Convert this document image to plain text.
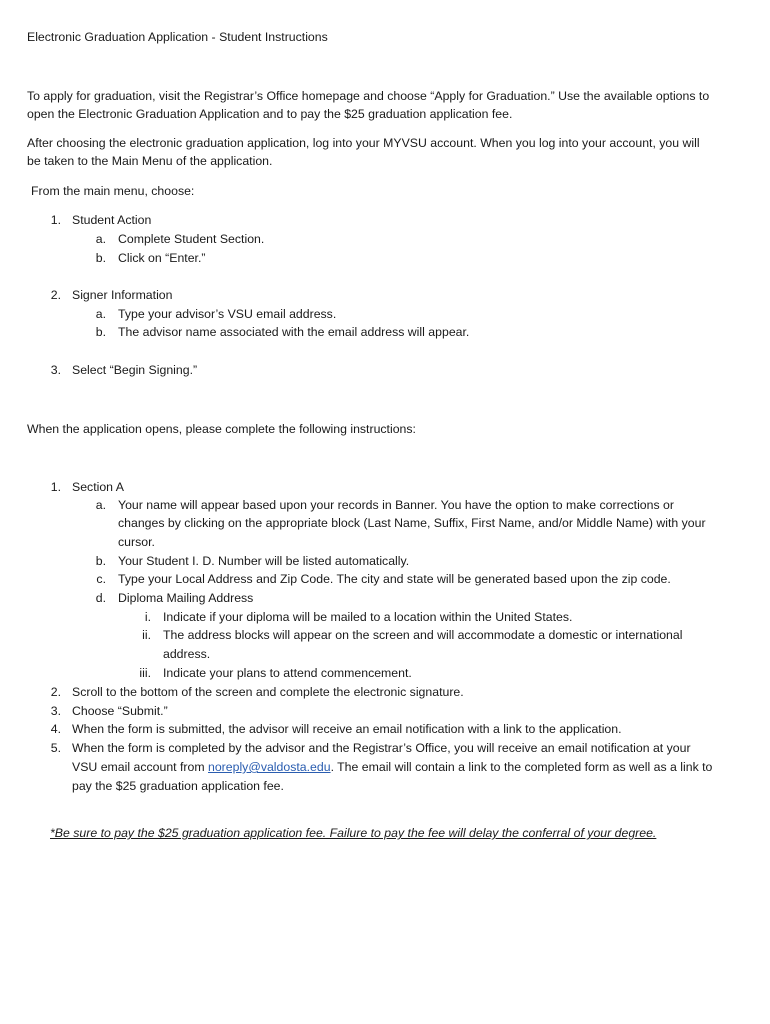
Electronic Graduation Application - Student Instructions
To apply for graduation, visit the Registrar’s Office homepage and choose “Apply for Graduation.” Use the available options to
open the Electronic Graduation Application and to pay the $25 graduation application fee.
After choosing the electronic graduation application, log into your MYVSU account. When you log into your account, you will
be taken to the Main Menu of the application.
From the main menu, choose:
1. Student Action
a. Complete Student Section.
b. Click on “Enter.”
2. Signer Information
a. Type your advisor’s VSU email address.
b. The advisor name associated with the email address will appear.
3. Select “Begin Signing.”
When the application opens, please complete the following instructions:
1. Section A
a. Your name will appear based upon your records in Banner. You have the option to make corrections or
changes by clicking on the appropriate block (Last Name, Suffix, First Name, and/or Middle Name) with your
cursor.
b. Your Student I. D. Number will be listed automatically.
c. Type your Local Address and Zip Code. The city and state will be generated based upon the zip code.
d. Diploma Mailing Address
i. Indicate if your diploma will be mailed to a location within the United States.
ii. The address blocks will appear on the screen and will accommodate a domestic or international
address.
iii. Indicate your plans to attend commencement.
2. Scroll to the bottom of the screen and complete the electronic signature.
3. Choose “Submit.”
4. When the form is submitted, the advisor will receive an email notification with a link to the application.
5. When the form is completed by the advisor and the Registrar’s Office, you will receive an email notification at your
VSU email account from noreply@valdosta.edu. The email will contain a link to the completed form as well as a link to
pay the $25 graduation application fee.
*Be sure to pay the $25 graduation application fee. Failure to pay the fee will delay the conferral of your degree.
